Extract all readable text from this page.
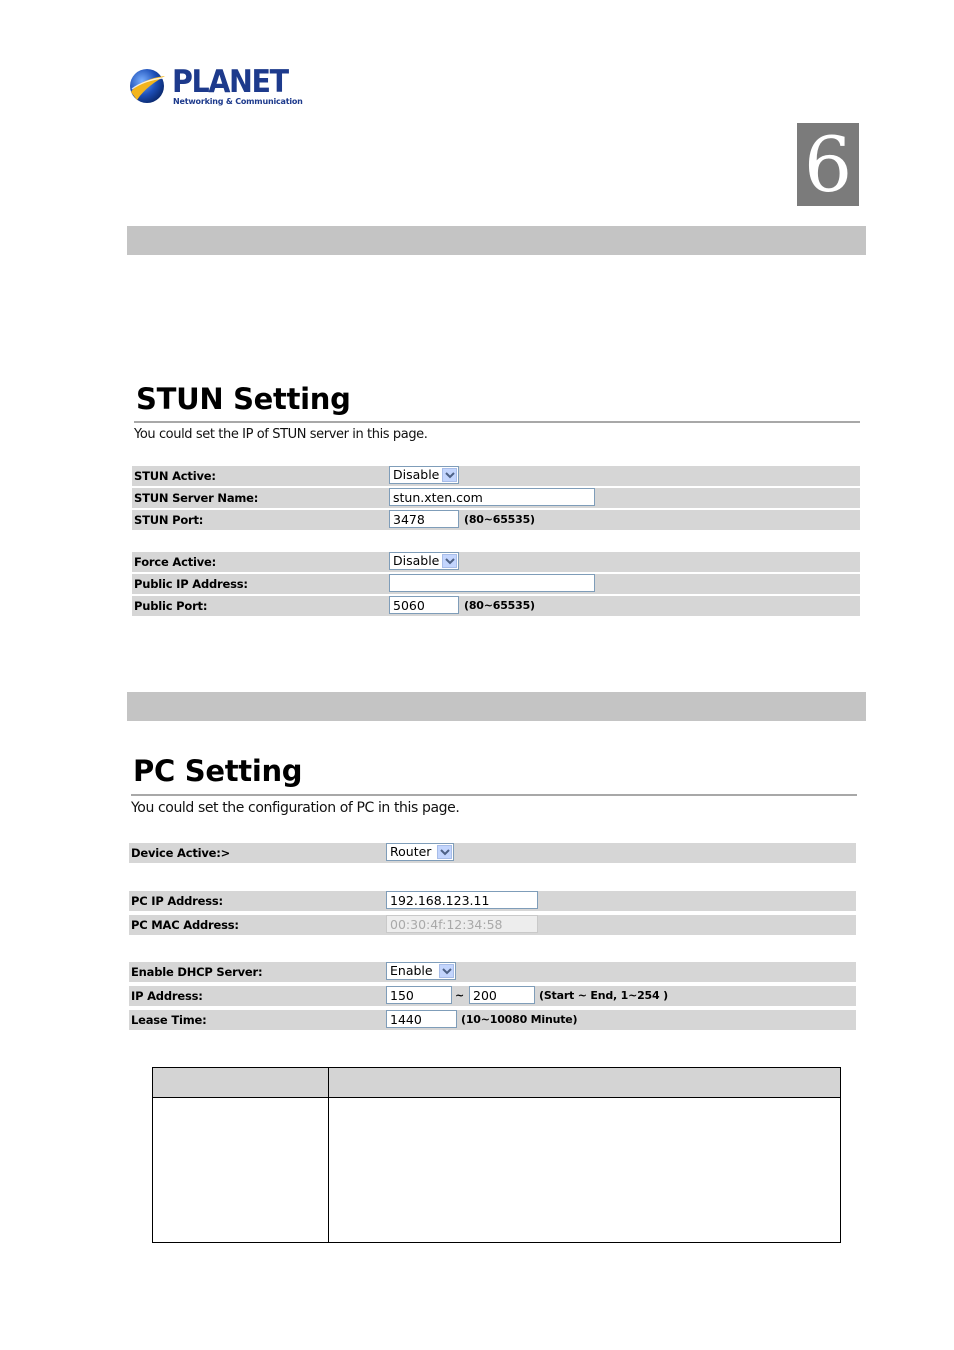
PLANET
Networking & Communication
6
STUN Setting
You could set the IP of STUN server in this page.
STUN Active:	Disable
STUN Server Name:	stun.xten.com
STUN Port:	3478	(80~65535)
Force Active:	Disable
Public IP Address:
Public Port:	5060	(80~65535)
PC Setting
You could set the configuration of PC in this page.
Device Active:>	Router
PC IP Address:	192.168.123.11
PC MAC Address:	00:30:4f:12:34:58
Enable DHCP Server:	Enable
IP Address:	150	~ 200	(Start ~ End, 1~254 )
Lease Time:	1440	(10~10080 Minute)
